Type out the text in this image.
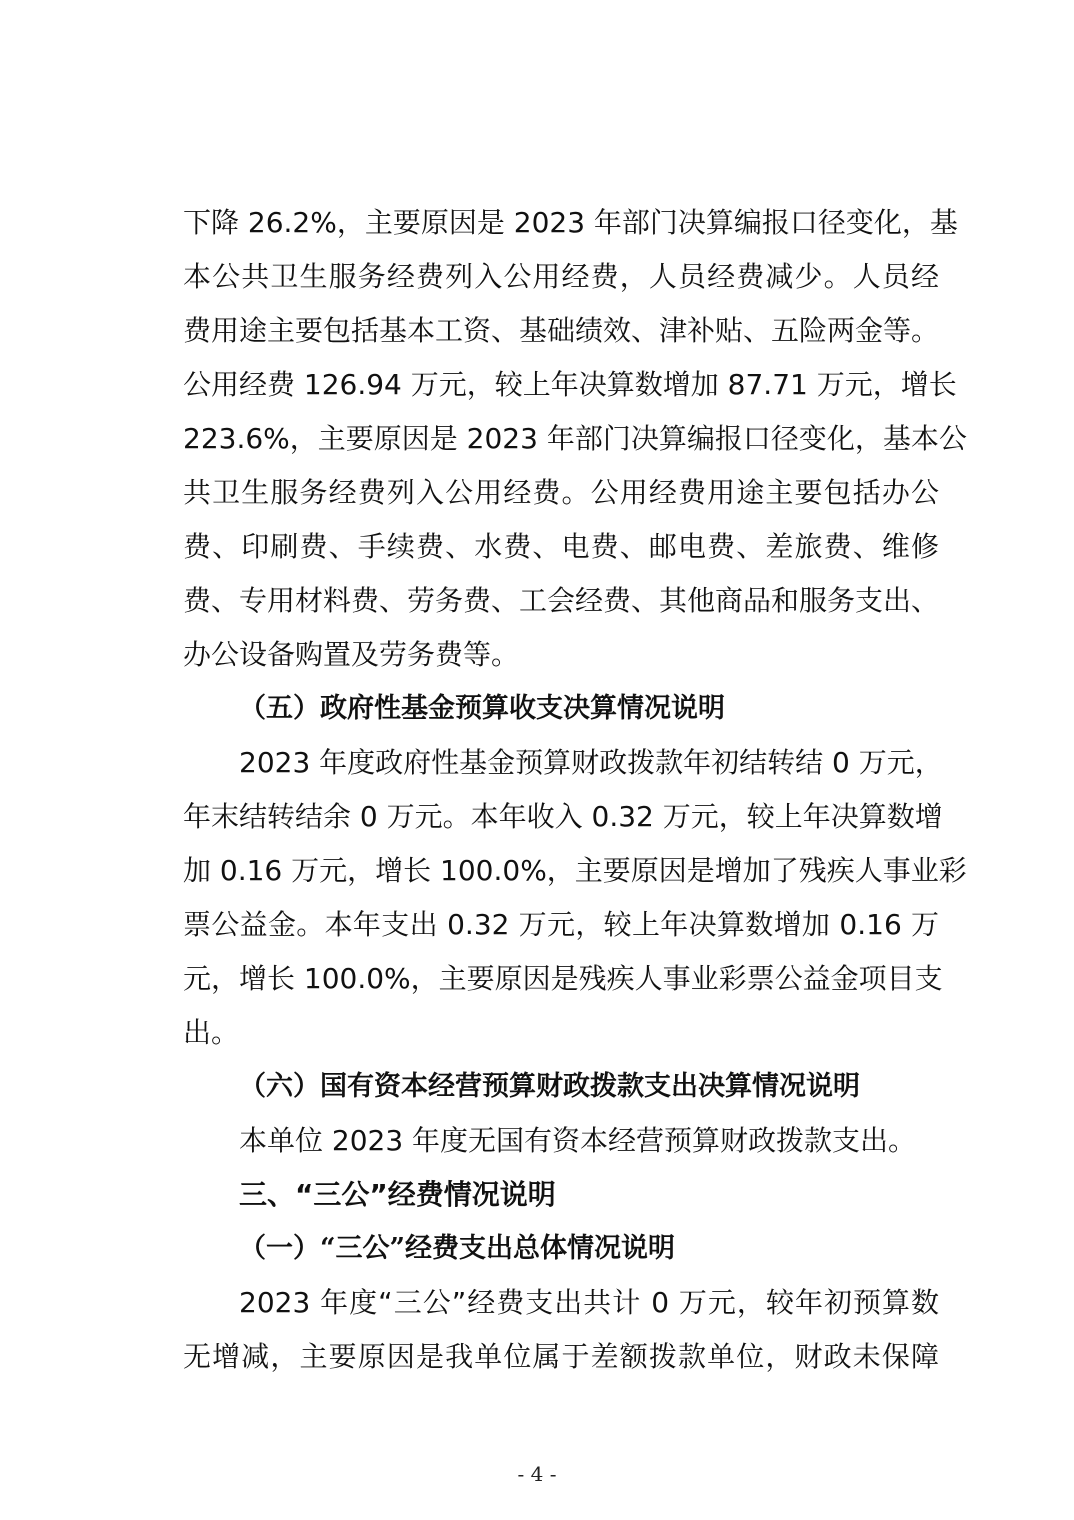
下降 26.2%，主要原因是 2023 年部门决算编报口径变化，基
本公共卫生服务经费列入公用经费，人员经费减少。人员经
费用途主要包括基本工资、基础绩效、津补贴、五险两金等。
公用经费 126.94 万元，较上年决算数增加 87.71 万元，增长
223.6%，主要原因是 2023 年部门决算编报口径变化，基本公
共卫生服务经费列入公用经费。公用经费用途主要包括办公
费、印刷费、手续费、水费、电费、邮电费、差旅费、维修
费、专用材料费、劳务费、工会经费、其他商品和服务支出、
办公设备购置及劳务费等。
（五）政府性基金预算收支决算情况说明
2023 年度政府性基金预算财政拨款年初结转结 0 万元，
年末结转结余 0 万元。本年收入 0.32 万元，较上年决算数增
加 0.16 万元，增长 100.0%，主要原因是增加了残疾人事业彩
票公益金。本年支出 0.32 万元，较上年决算数增加 0.16 万
元，增长 100.0%，主要原因是残疾人事业彩票公益金项目支
出。
（六）国有资本经营预算财政拨款支出决算情况说明
本单位 2023 年度无国有资本经营预算财政拨款支出。
三、“三公”经费情况说明
（一）“三公”经费支出总体情况说明
2023 年度“三公”经费支出共计 0 万元，较年初预算数
无增减，主要原因是我单位属于差额拨款单位，财政未保障
- 4 -
